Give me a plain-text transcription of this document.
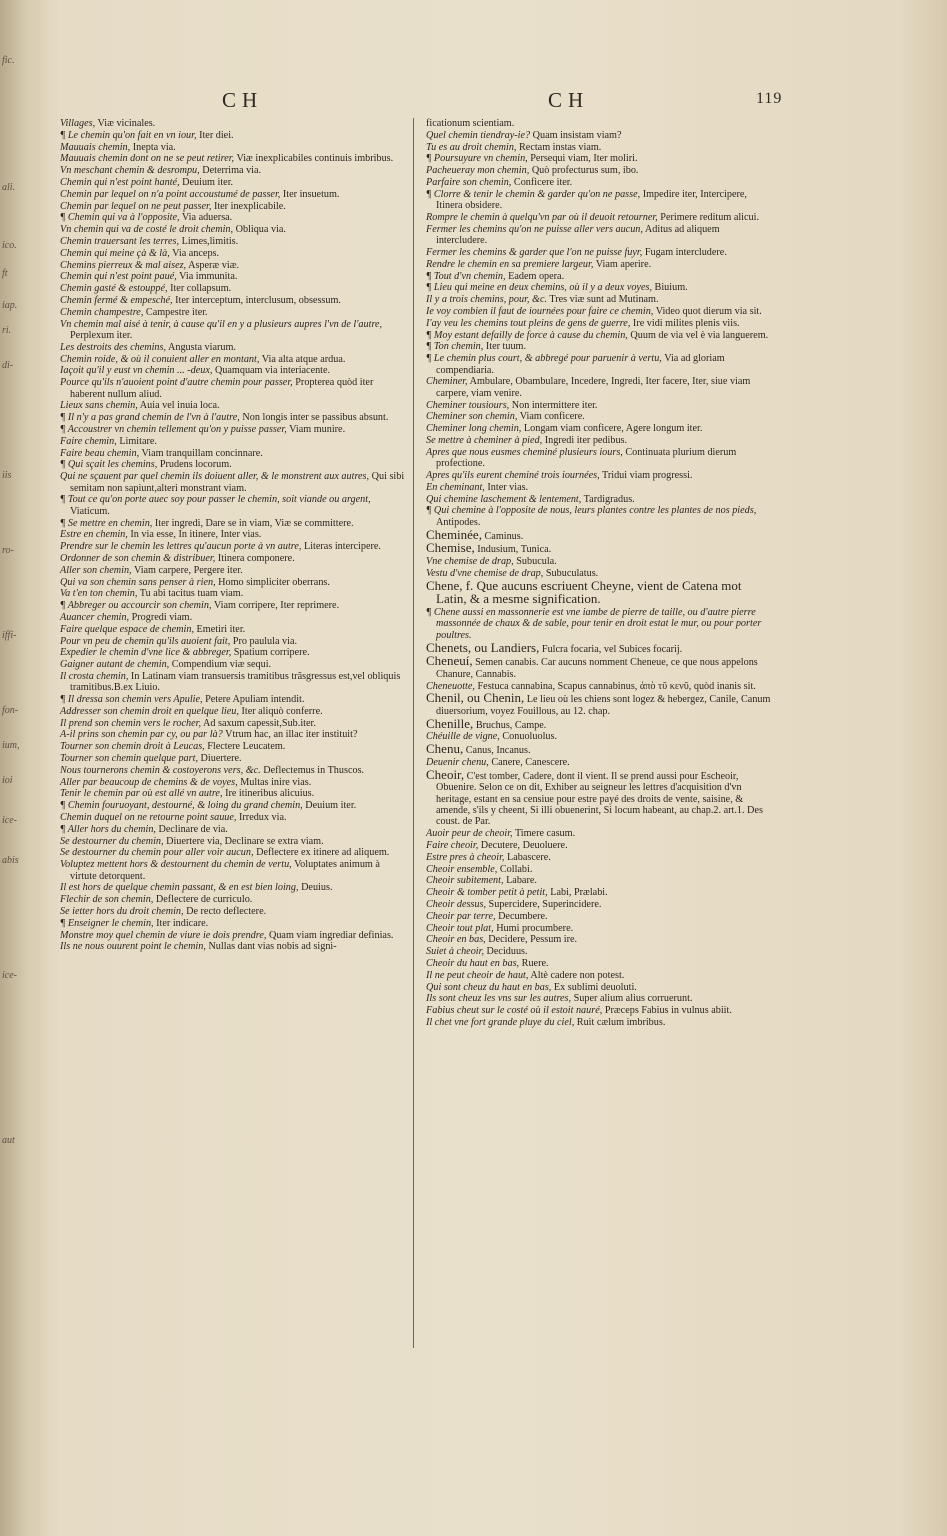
fic.
ali.
ico.
ft
iap.
ri.
di-
iis
ro-
iffi-
fon-
ium,
ioi
ice-
abis
ice-
aut
CH	CH	119
Villages, Viæ vicinales.
¶ Le chemin qu'on fait en vn iour, Iter diei.
Mauuais chemin, Inepta via.
Mauuais chemin dont on ne se peut retirer, Viæ inexplicabiles continuis imbribus.
Vn meschant chemin & desrompu, Deterrima via.
Chemin qui n'est point hanté, Deuium iter.
Chemin par lequel on n'a point accoustumé de passer, Iter insuetum.
Chemin par lequel on ne peut passer, Iter inexplicabile.
¶ Chemin qui va à l'opposite, Via aduersa.
Vn chemin qui va de costé le droit chemin, Obliqua via.
Chemin trauersant les terres, Limes,limitis.
Chemin qui meine çà & là, Via anceps.
Chemins pierreux & mal aisez, Asperæ viæ.
Chemin qui n'est point paué, Via immunita.
Chemin gasté & estouppé, Iter collapsum.
Chemin fermé & empesché, Iter interceptum, interclusum, obsessum.
Chemin champestre, Campestre iter.
Vn chemin mal aisé à tenir, à cause qu'il en y a plusieurs aupres l'vn de l'autre, Perplexum iter.
Les destroits des chemins, Angusta viarum.
Chemin roide, & où il conuient aller en montant, Via alta atque ardua.
Iaçoit qu'il y eust vn chemin ... -deux, Quamquam via interiacente.
Pource qu'ils n'auoient point d'autre chemin pour passer, Propterea quòd iter haberent nullum aliud.
Lieux sans chemin, Auia vel inuia loca.
¶ Il n'y a pas grand chemin de l'vn à l'autre, Non longis inter se passibus absunt.
¶ Accoustrer vn chemin tellement qu'on y puisse passer, Viam munire.
Faire chemin, Limitare.
Faire beau chemin, Viam tranquillam concinnare.
¶ Qui sçait les chemins, Prudens locorum.
Qui ne sçauent par quel chemin ils doiuent aller, & le monstrent aux autres, Qui sibi semitam non sapiunt,alteri monstrant viam.
¶ Tout ce qu'on porte auec soy pour passer le chemin, soit viande ou argent, Viaticum.
¶ Se mettre en chemin, Iter ingredi, Dare se in viam, Viæ se committere.
Estre en chemin, In via esse, In itinere, Inter vias.
Prendre sur le chemin les lettres qu'aucun porte à vn autre, Literas intercipere.
Ordonner de son chemin & distribuer, Itinera componere.
Aller son chemin, Viam carpere, Pergere iter.
Qui va son chemin sans penser à rien, Homo simpliciter oberrans.
Va t'en ton chemin, Tu abi tacitus tuam viam.
¶ Abbreger ou accourcir son chemin, Viam corripere, Iter reprimere.
Auancer chemin, Progredi viam.
Faire quelque espace de chemin, Emetiri iter.
Pour vn peu de chemin qu'ils auoient fait, Pro paulula via.
Expedier le chemin d'vne lice & abbreger, Spatium corripere.
Gaigner autant de chemin, Compendium viæ sequi.
Il crosta chemin, In Latinam viam transuersis tramitibus trãsgressus est,vel obliquis tramitibus.B.ex Liuio.
¶ Il dressa son chemin vers Apulie, Petere Apuliam intendit.
Addresser son chemin droit en quelque lieu, Iter aliquò conferre.
Il prend son chemin vers le rocher, Ad saxum capessit,Sub.iter.
A-il prins son chemin par cy, ou par là? Vtrum hac, an illac iter instituit?
Tourner son chemin droit à Leucas, Flectere Leucatem.
Tourner son chemin quelque part, Diuertere.
Nous tournerons chemin & costoyerons vers, &c. Deflectemus in Thuscos.
Aller par beaucoup de chemins & de voyes, Multas inire vias.
Tenir le chemin par où est allé vn autre, Ire itineribus alicuius.
¶ Chemin fouruoyant, destourné, & loing du grand chemin, Deuium iter.
Chemin duquel on ne retourne point sauue, Irredux via.
¶ Aller hors du chemin, Declinare de via.
Se destourner du chemin, Diuertere via, Declinare se extra viam.
Se destourner du chemin pour aller voir aucun, Deflectere ex itinere ad aliquem.
Voluptez mettent hors & destournent du chemin de vertu, Voluptates animum à virtute detorquent.
Il est hors de quelque chemin passant, & en est bien loing, Deuius.
Flechir de son chemin, Deflectere de curriculo.
Se ietter hors du droit chemin, De recto deflectere.
¶ Enseigner le chemin, Iter indicare.
Monstre moy quel chemin de viure ie dois prendre, Quam viam ingrediar definias.
Ils ne nous ouurent point le chemin, Nullas dant vias nobis ad signi-
ficationum scientiam.
Quel chemin tiendray-ie? Quam insistam viam?
Tu es au droit chemin, Rectam instas viam.
¶ Poursuyure vn chemin, Persequi viam, Iter moliri.
Pacheueray mon chemin, Quò profecturus sum, ibo.
Parfaire son chemin, Conficere iter.
¶ Clorre & tenir le chemin & garder qu'on ne passe, Impedire iter, Intercipere, Itinera obsidere.
Rompre le chemin à quelqu'vn par où il deuoit retourner, Perimere reditum alicui.
Fermer les chemins qu'on ne puisse aller vers aucun, Aditus ad aliquem intercludere.
Fermer les chemins & garder que l'on ne puisse fuyr, Fugam intercludere.
Rendre le chemin en sa premiere largeur, Viam aperire.
¶ Tout d'vn chemin, Eadem opera.
¶ Lieu qui meine en deux chemins, où il y a deux voyes, Biuium.
Il y a trois chemins, pour, &c. Tres viæ sunt ad Mutinam.
Ie voy combien il faut de iournées pour faire ce chemin, Video quot dierum via sit.
I'ay veu les chemins tout pleins de gens de guerre, Ire vidi milites plenis viis.
¶ Moy estant defailly de force à cause du chemin, Quum de via vel è via languerem.
¶ Ton chemin, Iter tuum.
¶ Le chemin plus court, & abbregé pour paruenir à vertu, Via ad gloriam compendiaria.
Cheminer, Ambulare, Obambulare, Incedere, Ingredi, Iter facere, Iter, siue viam carpere, viam venire.
Cheminer tousiours, Non intermittere iter.
Cheminer son chemin, Viam conficere.
Cheminer long chemin, Longam viam conficere, Agere longum iter.
Se mettre à cheminer à pied, Ingredi iter pedibus.
Apres que nous eusmes cheminé plusieurs iours, Continuata plurium dierum profectione.
Apres qu'ils eurent cheminé trois iournées, Tridui viam progressi.
En cheminant, Inter vias.
Qui chemine laschement & lentement, Tardigradus.
¶ Qui chemine à l'opposite de nous, leurs plantes contre les plantes de nos pieds, Antipodes.
Cheminée, Caminus.
Chemise, Indusium, Tunica.
Vne chemise de drap, Subucula.
Vestu d'vne chemise de drap, Subuculatus.
Chene, f. Que aucuns escriuent Cheyne, vient de Catena mot Latin, & a mesme signification.
¶ Chene aussi en massonnerie est vne iambe de pierre de taille, ou d'autre pierre massonnée de chaux & de sable, pour tenir en droit estat le mur, ou pour porter poultres.
Chenets, ou Landiers, Fulcra focaria, vel Subices focarij.
Cheneuí, Semen canabis. Car aucuns nomment Cheneue, ce que nous appelons Chanure, Cannabis.
Cheneuotte, Festuca cannabina, Scapus cannabinus, ἀπὸ τῦ κενῦ, quòd inanis sit.
Chenil, ou Chenin, Le lieu où les chiens sont logez & hebergez, Canile, Canum diuersorium, voyez Fouillous, au 12. chap.
Chenille, Bruchus, Campe.
Chéuille de vigne, Conuoluolus.
Chenu, Canus, Incanus.
Deuenir chenu, Canere, Canescere.
Cheoir, C'est tomber, Cadere, dont il vient. Il se prend aussi pour Escheoir, Obuenire. Selon ce on dit, Exhiber au seigneur les lettres d'acquisition d'vn heritage, estant en sa censiue pour estre payé des droits de vente, saisine, & amende, s'ils y cheent, Si illi obuenerint, Si locum habeant, au chap.2. art.1. Des coust. de Par.
Auoir peur de cheoir, Timere casum.
Faire cheoir, Decutere, Deuoluere.
Estre pres à cheoir, Labascere.
Cheoir ensemble, Collabi.
Cheoir subitement, Labare.
Cheoir & tomber petit à petit, Labi, Prælabi.
Cheoir dessus, Supercidere, Superincidere.
Cheoir par terre, Decumbere.
Cheoir tout plat, Humi procumbere.
Cheoir en bas, Decidere, Pessum ire.
Suiet à cheoir, Deciduus.
Cheoir du haut en bas, Ruere.
Il ne peut cheoir de haut, Altè cadere non potest.
Qui sont cheuz du haut en bas, Ex sublimi deuoluti.
Ils sont cheuz les vns sur les autres, Super alium alius corruerunt.
Fabius cheut sur le costé où il estoit nauré, Præceps Fabius in vulnus abiit.
Il chet vne fort grande pluye du ciel, Ruit cælum imbribus.
